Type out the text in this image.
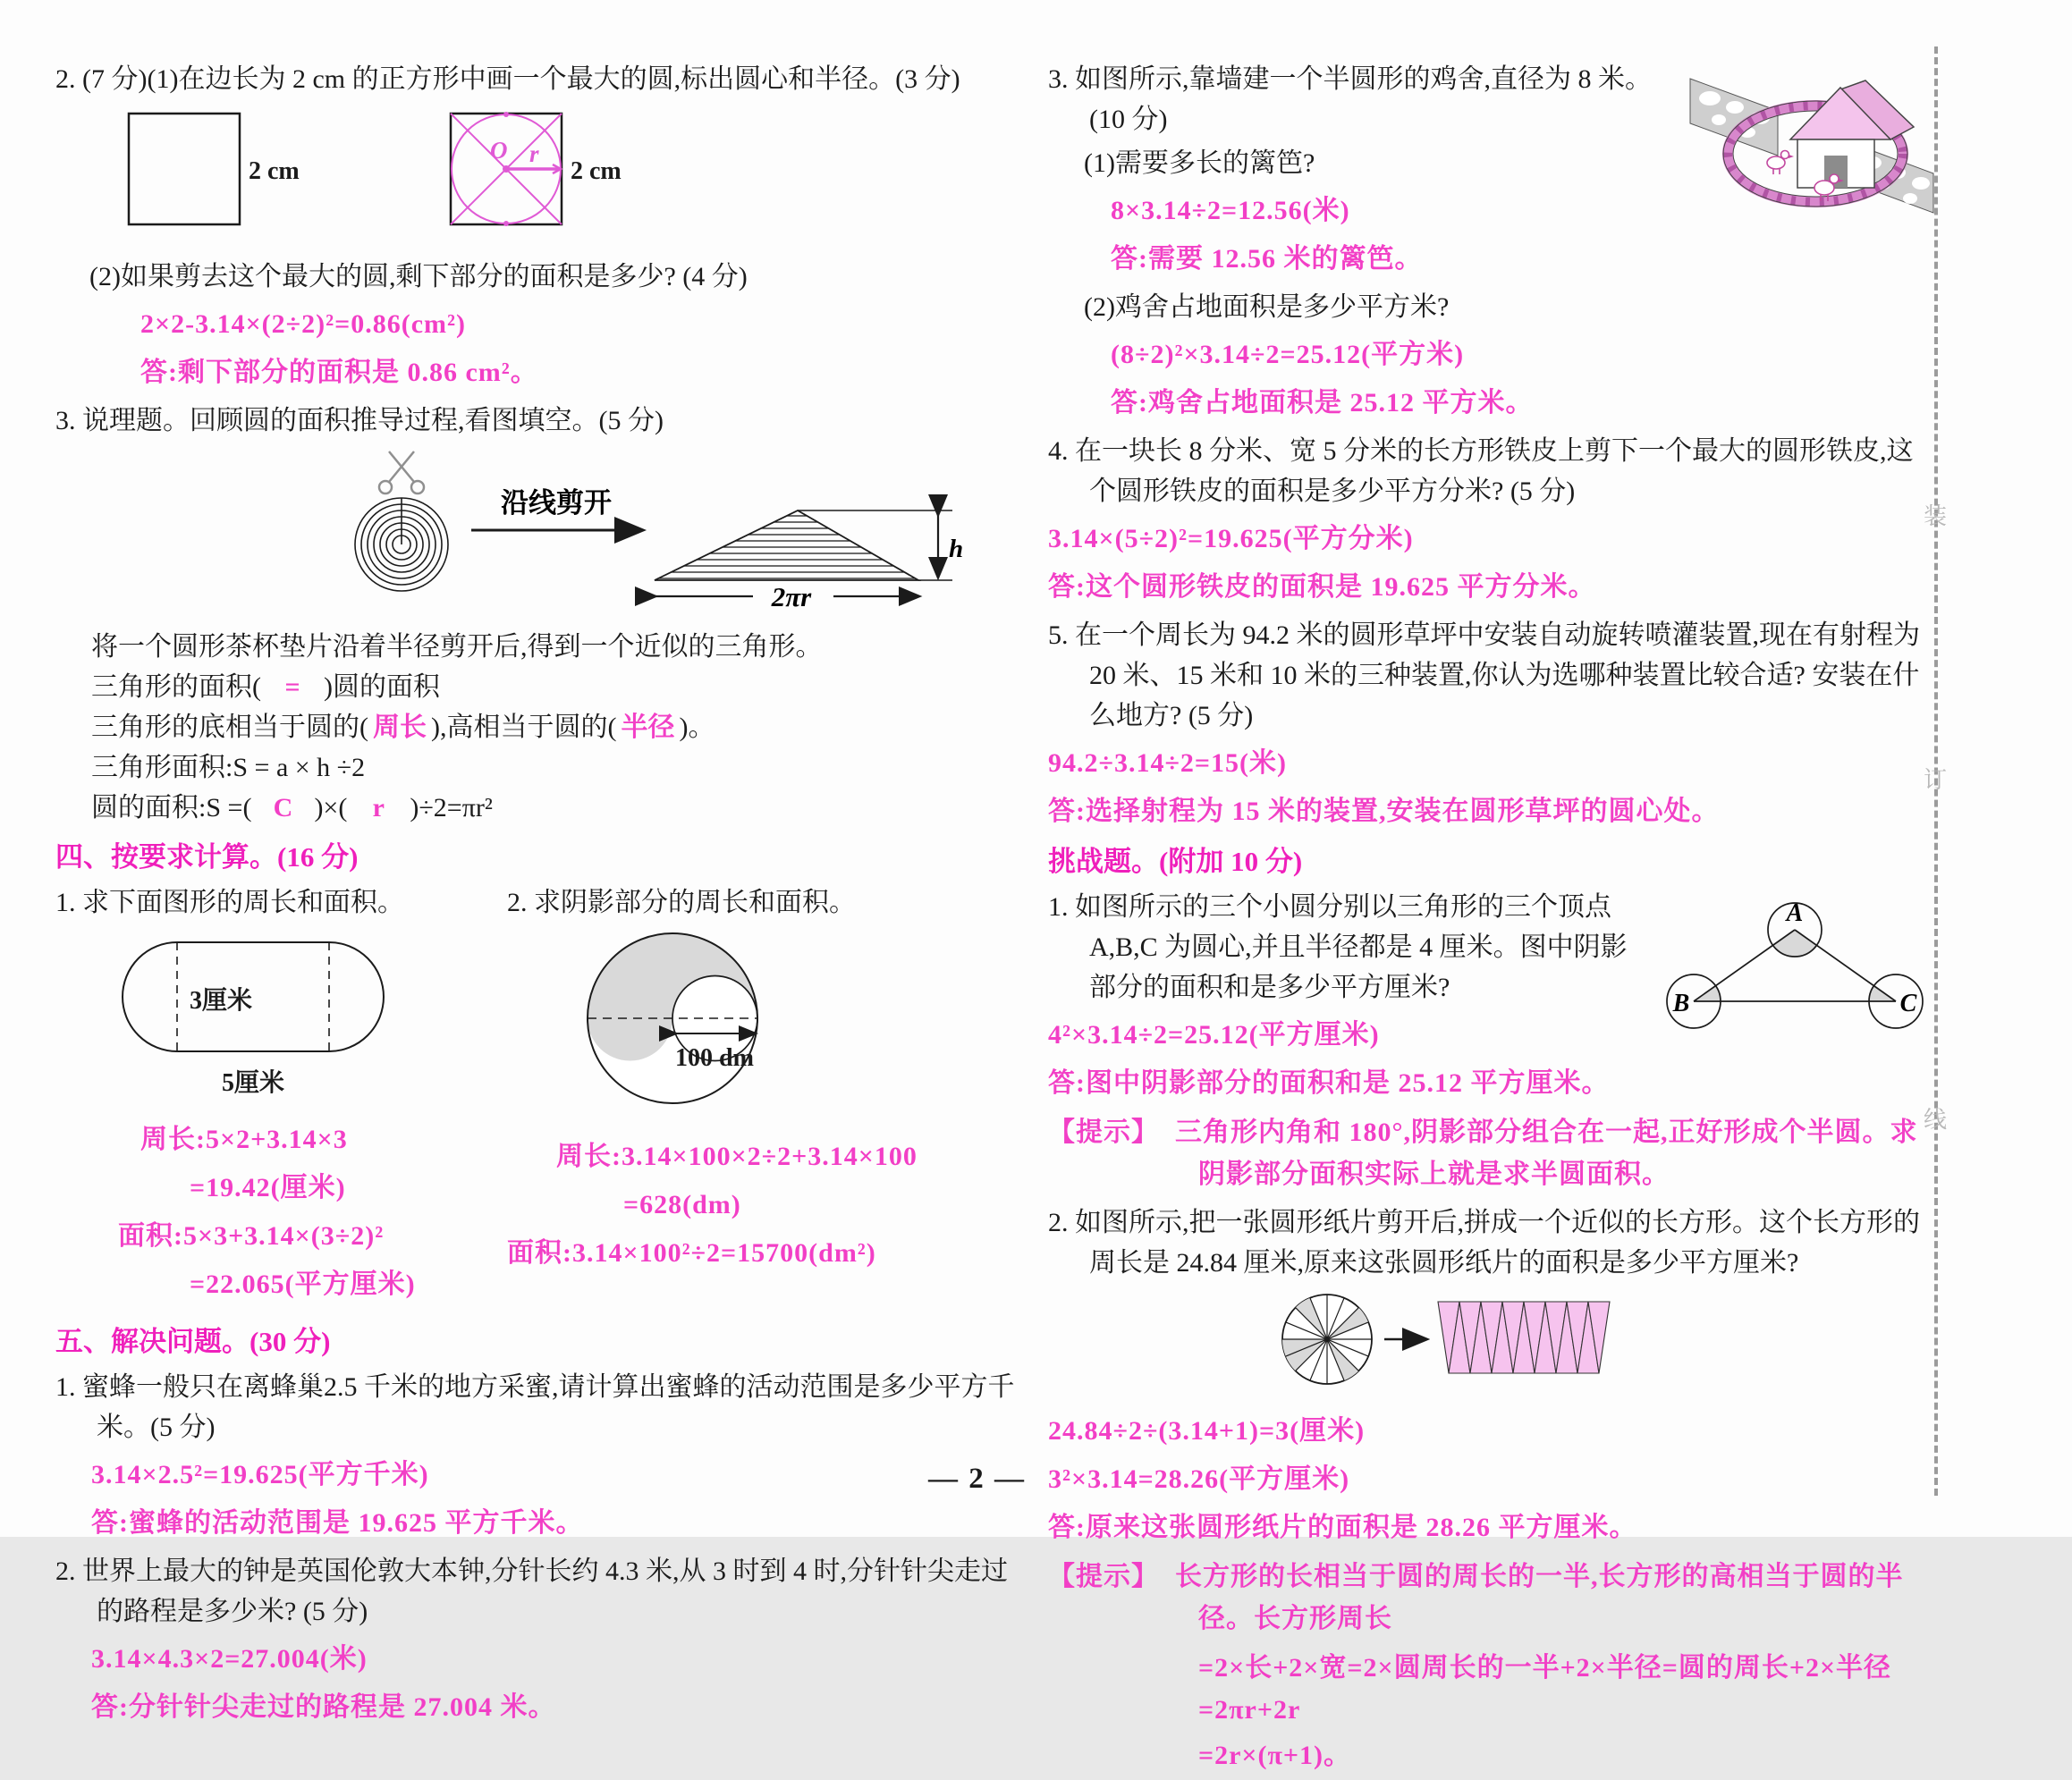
2. (7 分)(1)在边长为 2 cm 的正方形中画一个最大的圆,标出圆心和半径。(3 分)

2 cm
O r
2 cm

(2)如果剪去这个最大的圆,剩下部分的面积是多少? (4 分)

2×2-3.14×(2÷2)²=0.86(cm²)

答:剩下部分的面积是 0.86 cm²。

3. 说理题。回顾圆的面积推导过程,看图填空。(5 分)

沿线剪开
2πr
h

将一个圆形茶杯垫片沿着半径剪开后,得到一个近似的三角形。

三角形的面积( = )圆的面积

三角形的底相当于圆的( 周长 ),高相当于圆的( 半径 )。

三角形面积:S = a × h ÷2

圆的面积:S =( C )×( r )÷2=πr²

四、按要求计算。(16 分)

1. 求下面图形的周长和面积。

3厘米
5厘米

周长:5×2+3.14×3

=19.42(厘米)

面积:5×3+3.14×(3÷2)²

=22.065(平方厘米)

2. 求阴影部分的周长和面积。

100 dm

周长:3.14×100×2÷2+3.14×100

=628(dm)

面积:3.14×100²÷2=15700(dm²)

五、解决问题。(30 分)

1. 蜜蜂一般只在离蜂巢2.5 千米的地方采蜜,请计算出蜜蜂的活动范围是多少平方千米。(5 分)

3.14×2.5²=19.625(平方千米)

答:蜜蜂的活动范围是 19.625 平方千米。

2. 世界上最大的钟是英国伦敦大本钟,分针长约 4.3 米,从 3 时到 4 时,分针针尖走过的路程是多少米? (5 分)

3.14×4.3×2=27.004(米)

答:分针针尖走过的路程是 27.004 米。

3. 如图所示,靠墙建一个半圆形的鸡舍,直径为 8 米。(10 分)

(1)需要多长的篱笆?

8×3.14÷2=12.56(米)

答:需要 12.56 米的篱笆。

(2)鸡舍占地面积是多少平方米?

(8÷2)²×3.14÷2=25.12(平方米)

答:鸡舍占地面积是 25.12 平方米。

4. 在一块长 8 分米、宽 5 分米的长方形铁皮上剪下一个最大的圆形铁皮,这个圆形铁皮的面积是多少平方分米? (5 分)

3.14×(5÷2)²=19.625(平方分米)

答:这个圆形铁皮的面积是 19.625 平方分米。

5. 在一个周长为 94.2 米的圆形草坪中安装自动旋转喷灌装置,现在有射程为 20 米、15 米和 10 米的三种装置,你认为选哪种装置比较合适? 安装在什么地方? (5 分)

94.2÷3.14÷2=15(米)

答:选择射程为 15 米的装置,安装在圆形草坪的圆心处。

挑战题。(附加 10 分)

A
B	C

1. 如图所示的三个小圆分别以三角形的三个顶点 A,B,C 为圆心,并且半径都是 4 厘米。图中阴影部分的面积和是多少平方厘米?

4²×3.14÷2=25.12(平方厘米)

答:图中阴影部分的面积和是 25.12 平方厘米。

【提示】 三角形内角和 180°,阴影部分组合在一起,正好形成个半圆。求阴影部分面积实际上就是求半圆面积。

2. 如图所示,把一张圆形纸片剪开后,拼成一个近似的长方形。这个长方形的周长是 24.84 厘米,原来这张圆形纸片的面积是多少平方厘米?

24.84÷2÷(3.14+1)=3(厘米)

3²×3.14=28.26(平方厘米)

答:原来这张圆形纸片的面积是 28.26 平方厘米。

【提示】 长方形的长相当于圆的周长的一半,长方形的高相当于圆的半径。长方形周长

=2×长+2×宽=2×圆周长的一半+2×半径=圆的周长+2×半径=2πr+2r

=2r×(π+1)。

装
订
线
— 2 —
